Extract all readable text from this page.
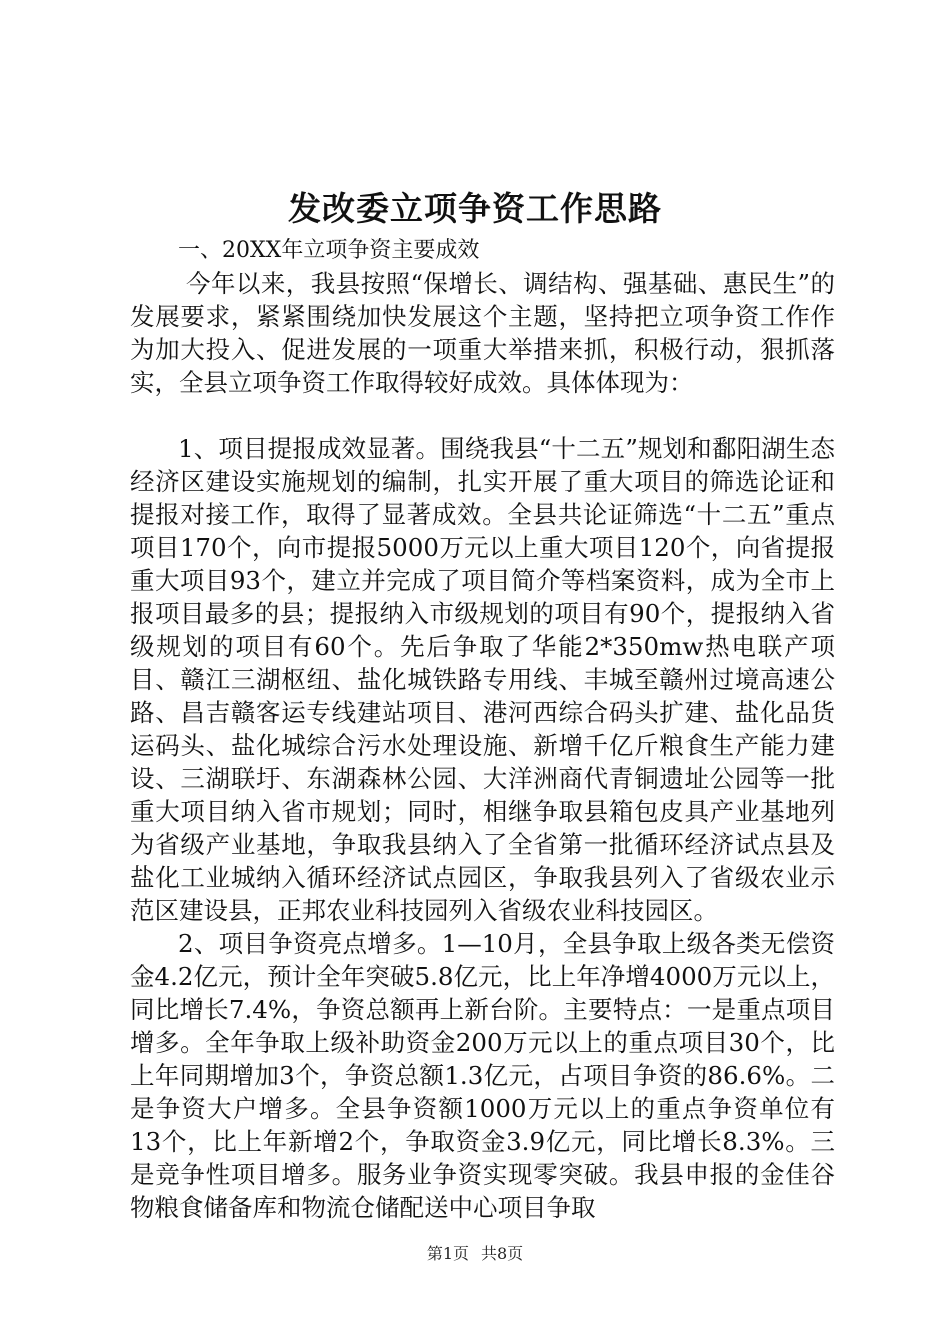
发改委立项争资工作思路

一、20XX年立项争资主要成效

今年以来，我县按照“保增长、调结构、强基础、惠民生”的发展要求，紧紧围绕加快发展这个主题，坚持把立项争资工作作为加大投入、促进发展的一项重大举措来抓，积极行动，狠抓落实，全县立项争资工作取得较好成效。具体体现为：

1、项目提报成效显著。围绕我县“十二五”规划和鄱阳湖生态经济区建设实施规划的编制，扎实开展了重大项目的筛选论证和提报对接工作，取得了显著成效。全县共论证筛选“十二五”重点项目170个，向市提报5000万元以上重大项目120个，向省提报重大项目93个，建立并完成了项目简介等档案资料，成为全市上报项目最多的县；提报纳入市级规划的项目有90个，提报纳入省级规划的项目有60个。先后争取了华能2*350mw热电联产项目、赣江三湖枢纽、盐化城铁路专用线、丰城至赣州过境高速公路、昌吉赣客运专线建站项目、港河西综合码头扩建、盐化品货运码头、盐化城综合污水处理设施、新增千亿斤粮食生产能力建设、三湖联圩、东湖森林公园、大洋洲商代青铜遗址公园等一批重大项目纳入省市规划；同时，相继争取县箱包皮具产业基地列为省级产业基地，争取我县纳入了全省第一批循环经济试点县及盐化工业城纳入循环经济试点园区，争取我县列入了省级农业示范区建设县，正邦农业科技园列入省级农业科技园区。

2、项目争资亮点增多。1—10月，全县争取上级各类无偿资金4.2亿元，预计全年突破5.8亿元，比上年净增4000万元以上，同比增长7.4%，争资总额再上新台阶。主要特点：一是重点项目增多。全年争取上级补助资金200万元以上的重点项目30个，比上年同期增加3个，争资总额1.3亿元，占项目争资的86.6%。二是争资大户增多。全县争资额1000万元以上的重点争资单位有13个，比上年新增2个，争取资金3.9亿元，同比增长8.3%。三是竞争性项目增多。服务业争资实现零突破。我县申报的金佳谷物粮食储备库和物流仓储配送中心项目争取

第1页 共8页
